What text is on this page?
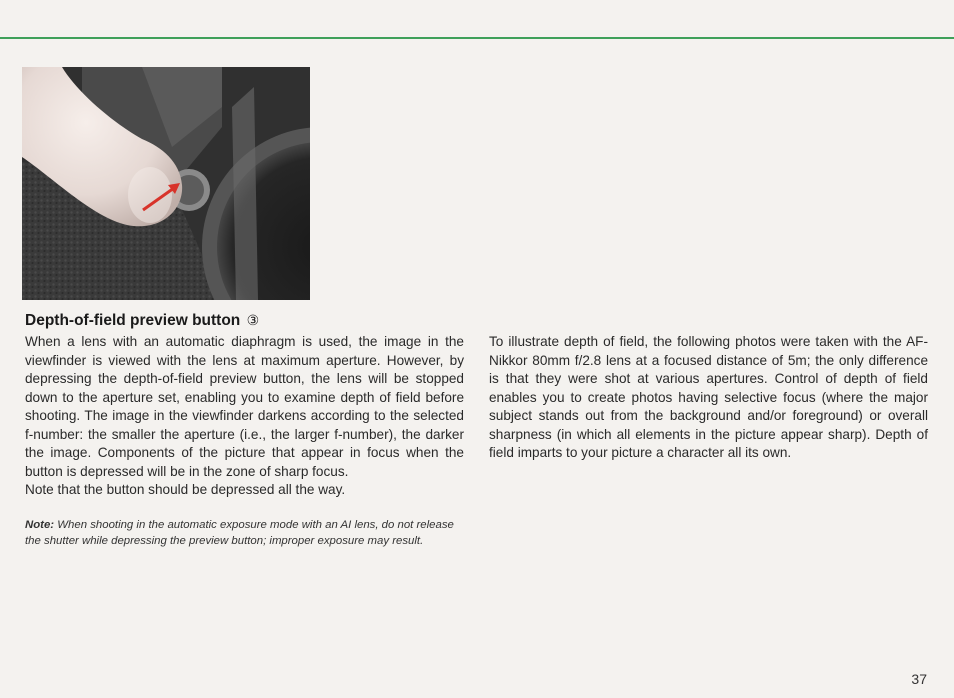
Depth-of-field preview button ③

When a lens with an automatic diaphragm is used, the image in the viewfinder is viewed with the lens at maximum aperture. However, by depressing the depth-of-field preview button, the lens will be stopped down to the aperture set, enabling you to examine depth of field before shooting. The image in the viewfinder darkens according to the selected f-number: the smaller the aperture (i.e., the larger f-number), the darker the image. Components of the picture that appear in focus when the button is depressed will be in the zone of sharp focus.

Note that the button should be depressed all the way.

Note: When shooting in the automatic exposure mode with an AI lens, do not release the shutter while depressing the preview button; improper exposure may result.

To illustrate depth of field, the following photos were taken with the AF-Nikkor 80mm f/2.8 lens at a focused distance of 5m; the only difference is that they were shot at various apertures. Control of depth of field enables you to create photos having selective focus (where the major subject stands out from the background and/or foreground) or overall sharpness (in which all elements in the picture appear sharp). Depth of field imparts to your picture a character all its own.

37
